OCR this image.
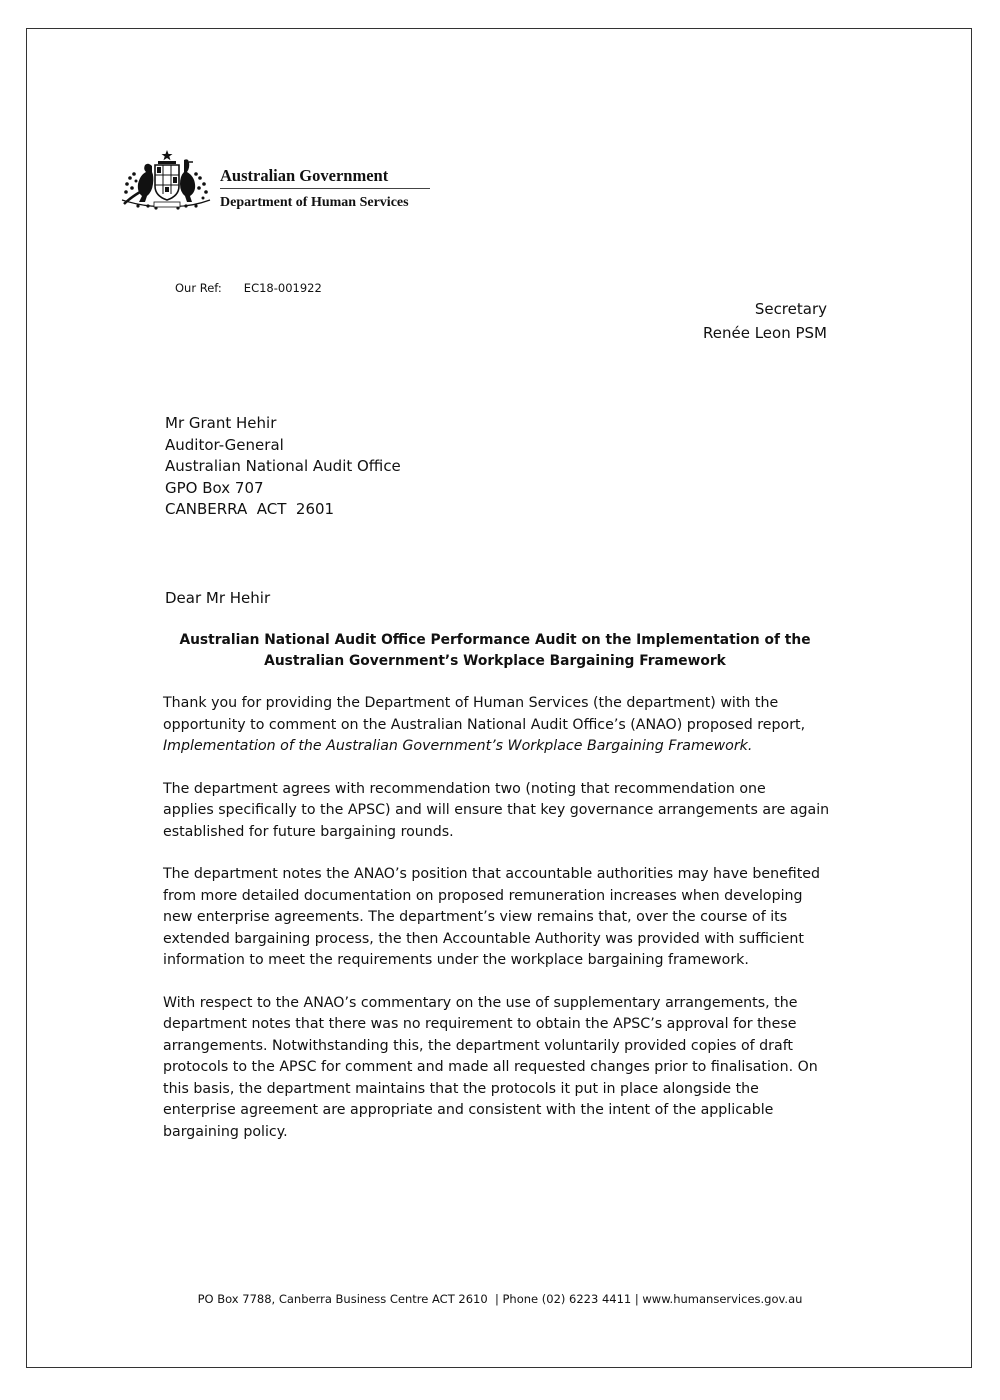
Australian Government
Department of Human Services
Our Ref: EC18-001922
Secretary
Renée Leon PSM
Mr Grant Hehir
Auditor-General
Australian National Audit Office
GPO Box 707
CANBERRA  ACT  2601
Dear Mr Hehir
Australian National Audit Office Performance Audit on the Implementation of the
Australian Government’s Workplace Bargaining Framework

Thank you for providing the Department of Human Services (the department) with the
opportunity to comment on the Australian National Audit Office’s (ANAO) proposed report,
Implementation of the Australian Government’s Workplace Bargaining Framework.

The department agrees with recommendation two (noting that recommendation one
applies specifically to the APSC) and will ensure that key governance arrangements are again
established for future bargaining rounds.

The department notes the ANAO’s position that accountable authorities may have benefited
from more detailed documentation on proposed remuneration increases when developing
new enterprise agreements. The department’s view remains that, over the course of its
extended bargaining process, the then Accountable Authority was provided with sufficient
information to meet the requirements under the workplace bargaining framework.

With respect to the ANAO’s commentary on the use of supplementary arrangements, the
department notes that there was no requirement to obtain the APSC’s approval for these
arrangements. Notwithstanding this, the department voluntarily provided copies of draft
protocols to the APSC for comment and made all requested changes prior to finalisation. On
this basis, the department maintains that the protocols it put in place alongside the
enterprise agreement are appropriate and consistent with the intent of the applicable
bargaining policy.

PO Box 7788, Canberra Business Centre ACT 2610  | Phone (02) 6223 4411 | www.humanservices.gov.au
